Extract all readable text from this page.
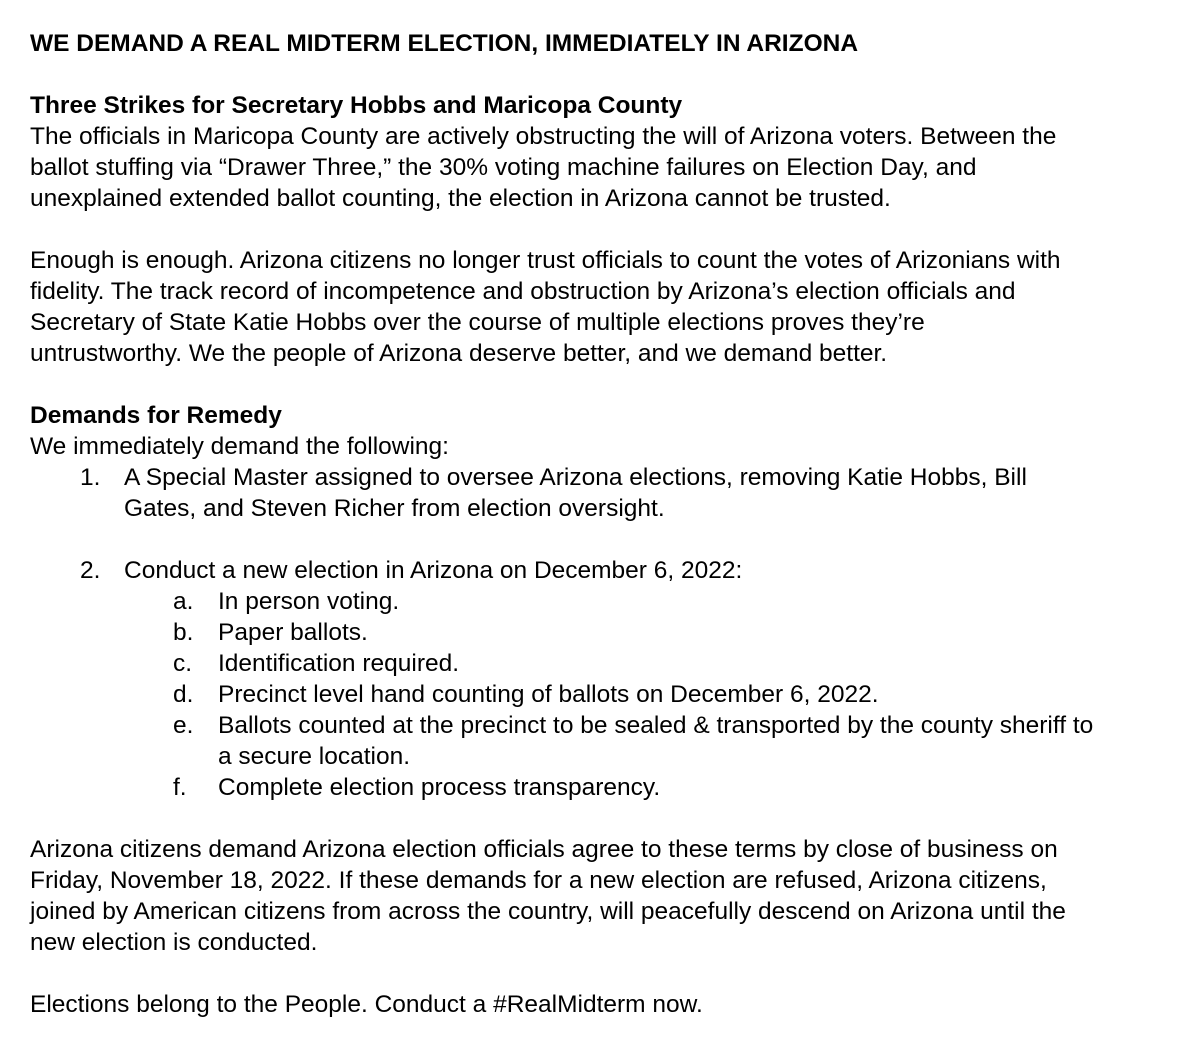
WE DEMAND A REAL MIDTERM ELECTION, IMMEDIATELY IN ARIZONA
Three Strikes for Secretary Hobbs and Maricopa County
The officials in Maricopa County are actively obstructing the will of Arizona voters. Between the
ballot stuffing via “Drawer Three,” the 30% voting machine failures on Election Day, and
unexplained extended ballot counting, the election in Arizona cannot be trusted.
Enough is enough. Arizona citizens no longer trust officials to count the votes of Arizonians with
fidelity. The track record of incompetence and obstruction by Arizona’s election officials and
Secretary of State Katie Hobbs over the course of multiple elections proves they’re
untrustworthy. We the people of Arizona deserve better, and we demand better.
Demands for Remedy
We immediately demand the following:
1. A Special Master assigned to oversee Arizona elections, removing Katie Hobbs, Bill
Gates, and Steven Richer from election oversight.
2. Conduct a new election in Arizona on December 6, 2022:
a. In person voting.
b. Paper ballots.
c. Identification required.
d. Precinct level hand counting of ballots on December 6, 2022.
e. Ballots counted at the precinct to be sealed & transported by the county sheriff to
a secure location.
f. Complete election process transparency.
Arizona citizens demand Arizona election officials agree to these terms by close of business on
Friday, November 18, 2022. If these demands for a new election are refused, Arizona citizens,
joined by American citizens from across the country, will peacefully descend on Arizona until the
new election is conducted.
Elections belong to the People. Conduct a #RealMidterm now.
